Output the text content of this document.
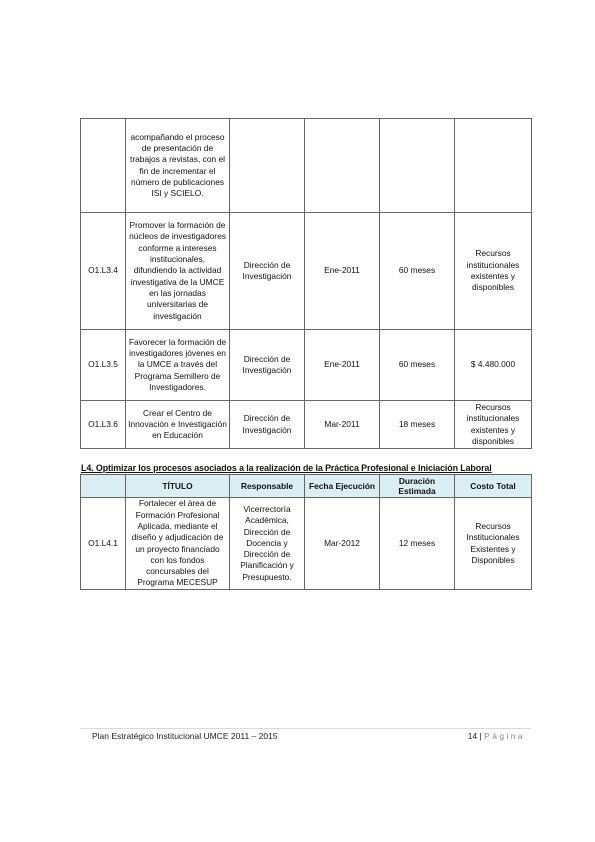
	acompañando el proceso de presentación de trabajos a revistas, con el fin de incrementar el número de publicaciones ISI y SCIELO.				
O1.L3.4	Promover la formación de núcleos de investigadores conforme a intereses institucionales, difundiendo la actividad investigativa de la UMCE en las jornadas universitarias de investigación	Dirección de Investigación	Ene-2011	60 meses	Recursos institucionales existentes y disponibles
O1.L3.5	Favorecer la formación de investigadores jóvenes en la UMCE a través del Programa Semillero de Investigadores.	Dirección de Investigación	Ene-2011	60 meses	$ 4.480.000
O1.L3.6	Crear el Centro de Innovación e Investigación en Educación	Dirección de Investigación	Mar-2011	18 meses	Recursos institucionales existentes y disponibles
L4. Optimizar los procesos asociados a la realización de la Práctica Profesional e Iniciación Laboral
	TÍTULO	Responsable	Fecha Ejecución	Duración Estimada	Costo Total
O1.L4.1	Fortalecer el área de Formación Profesional Aplicada, mediante el diseño y adjudicación de un proyecto financiado con los fondos concursables del Programa MECESUP	Vicerrectoría Académica, Dirección de Docencia y Dirección de Planificación y Presupuesto.	Mar-2012	12 meses	Recursos Institucionales Existentes y Disponibles
Plan Estratégico Institucional UMCE 2011 – 2015	14 | Página
